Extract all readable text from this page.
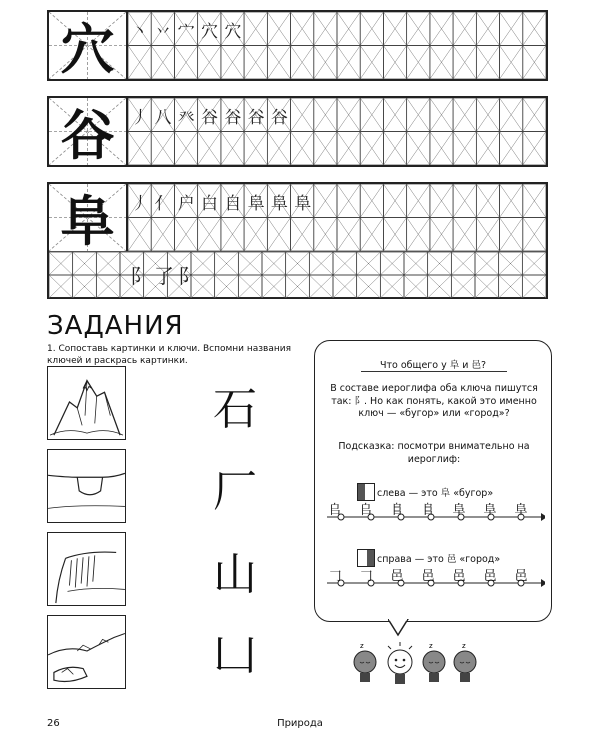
穴 丶 丷 宀 穴 穴
谷 丿 八 癶 谷 谷 谷 谷
阜 丿 亻 户 白 自 阜 阜 阜
阝 了 阝
ЗАДАНИЯ
1. Сопоставь картинки и ключи. Вспомни названия ключей и раскрась картинки.
石
厂
山
凵
Что общего у 阜 и 邑?
В составе иероглифа оба ключа пишутся так: 阝. Но как понять, какой это именно ключ — «бугор» или «город»?
Подсказка: посмотри внимательно на иероглиф:
слева — это 阜 «бугор»
𠂤 𠂤 𨸏 𨸏 阜 阜 阜
справа — это 邑 «город»
𠃌 𠃌 邑 邑 邑 邑 邑
z	z	z
26	Природа
